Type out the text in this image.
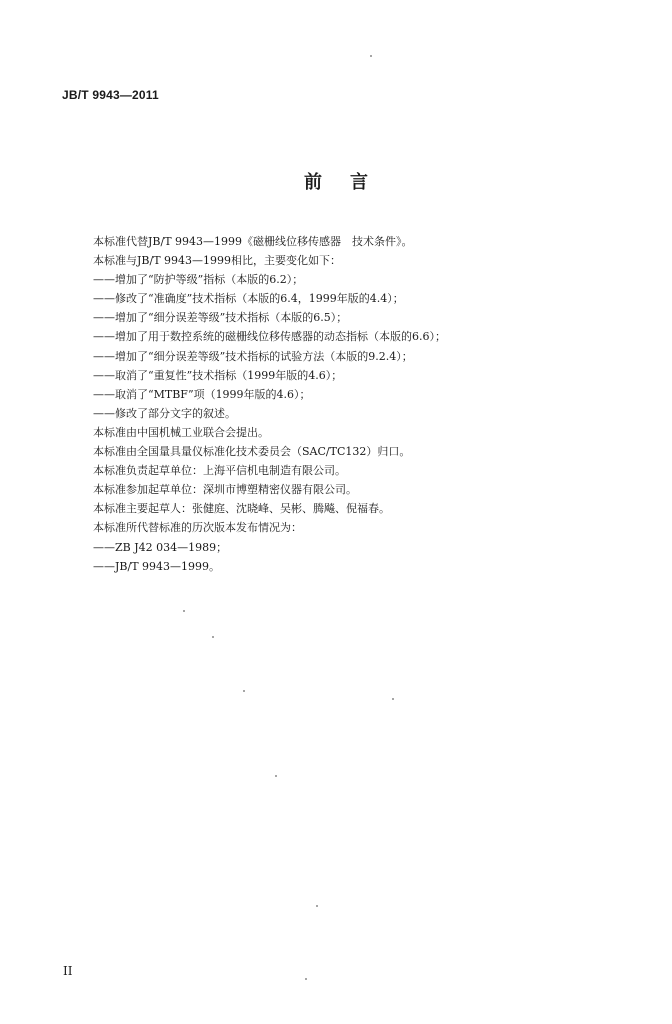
JB/T 9943—2011
前言
本标准代替JB/T 9943—1999《磁栅线位移传感器　技术条件》。
本标准与JB/T 9943—1999相比，主要变化如下：
——增加了“防护等级”指标（本版的6.2）；
——修改了“准确度”技术指标（本版的6.4，1999年版的4.4）；
——增加了“细分误差等级”技术指标（本版的6.5）；
——增加了用于数控系统的磁栅线位移传感器的动态指标（本版的6.6）；
——增加了“细分误差等级”技术指标的试验方法（本版的9.2.4）；
——取消了“重复性”技术指标（1999年版的4.6）；
——取消了“MTBF”项（1999年版的4.6）；
——修改了部分文字的叙述。
本标准由中国机械工业联合会提出。
本标准由全国量具量仪标准化技术委员会（SAC/TC132）归口。
本标准负责起草单位：上海平信机电制造有限公司。
本标准参加起草单位：深圳市博塑精密仪器有限公司。
本标准主要起草人：张健庭、沈晓峰、吴彬、腾飚、倪福春。
本标准所代替标准的历次版本发布情况为：
——ZB J42 034—1989；
——JB/T 9943—1999。
II
